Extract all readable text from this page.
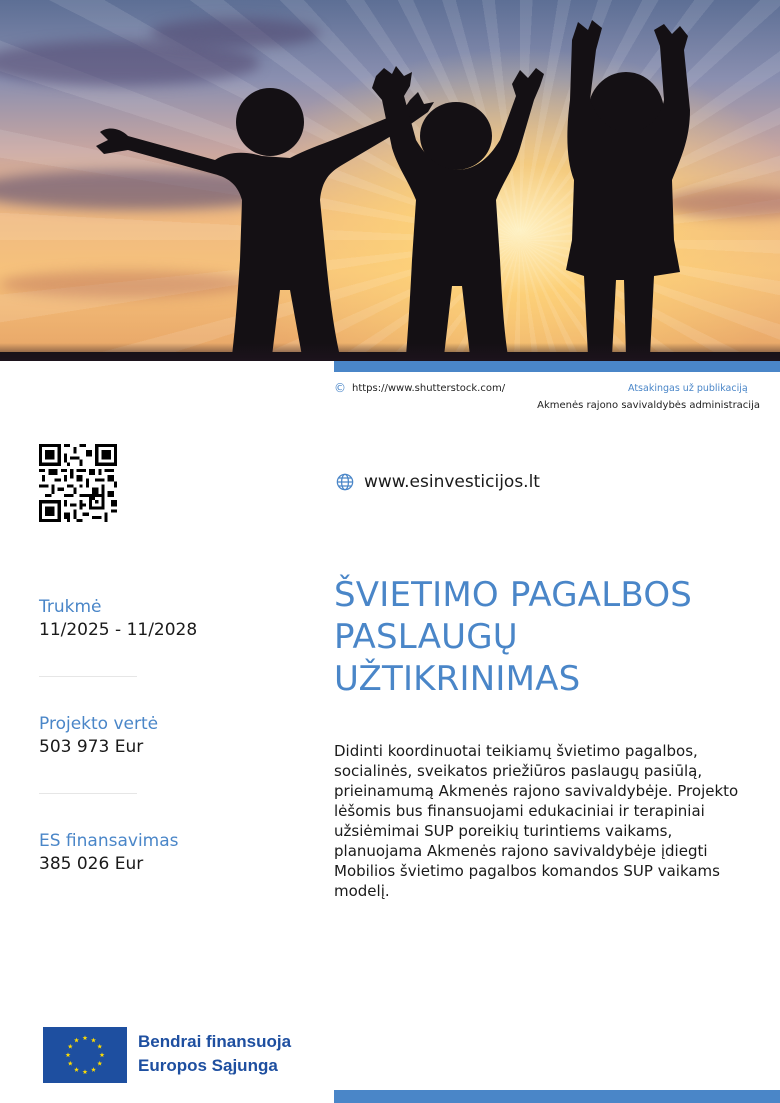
© https://www.shutterstock.com/	Atsakingas už publikaciją
Akmenės rajono savivaldybės administracija
www.esinvesticijos.lt
ŠVIETIMO PAGALBOS PASLAUGŲ UŽTIKRINIMAS

Didinti koordinuotai teikiamų švietimo pagalbos, socialinės, sveikatos priežiūros paslaugų pasiūlą, prieinamumą Akmenės rajono savivaldybėje. Projekto lėšomis bus finansuojami edukaciniai ir terapiniai užsiėmimai SUP poreikių turintiems vaikams, planuojama Akmenės rajono savivaldybėje įdiegti Mobilios švietimo pagalbos komandos SUP vaikams modelį.

Trukmė
11/2025 - 11/2028
Projekto vertė
503 973 Eur
ES finansavimas
385 026 Eur
Bendrai finansuoja
Europos Sąjunga
